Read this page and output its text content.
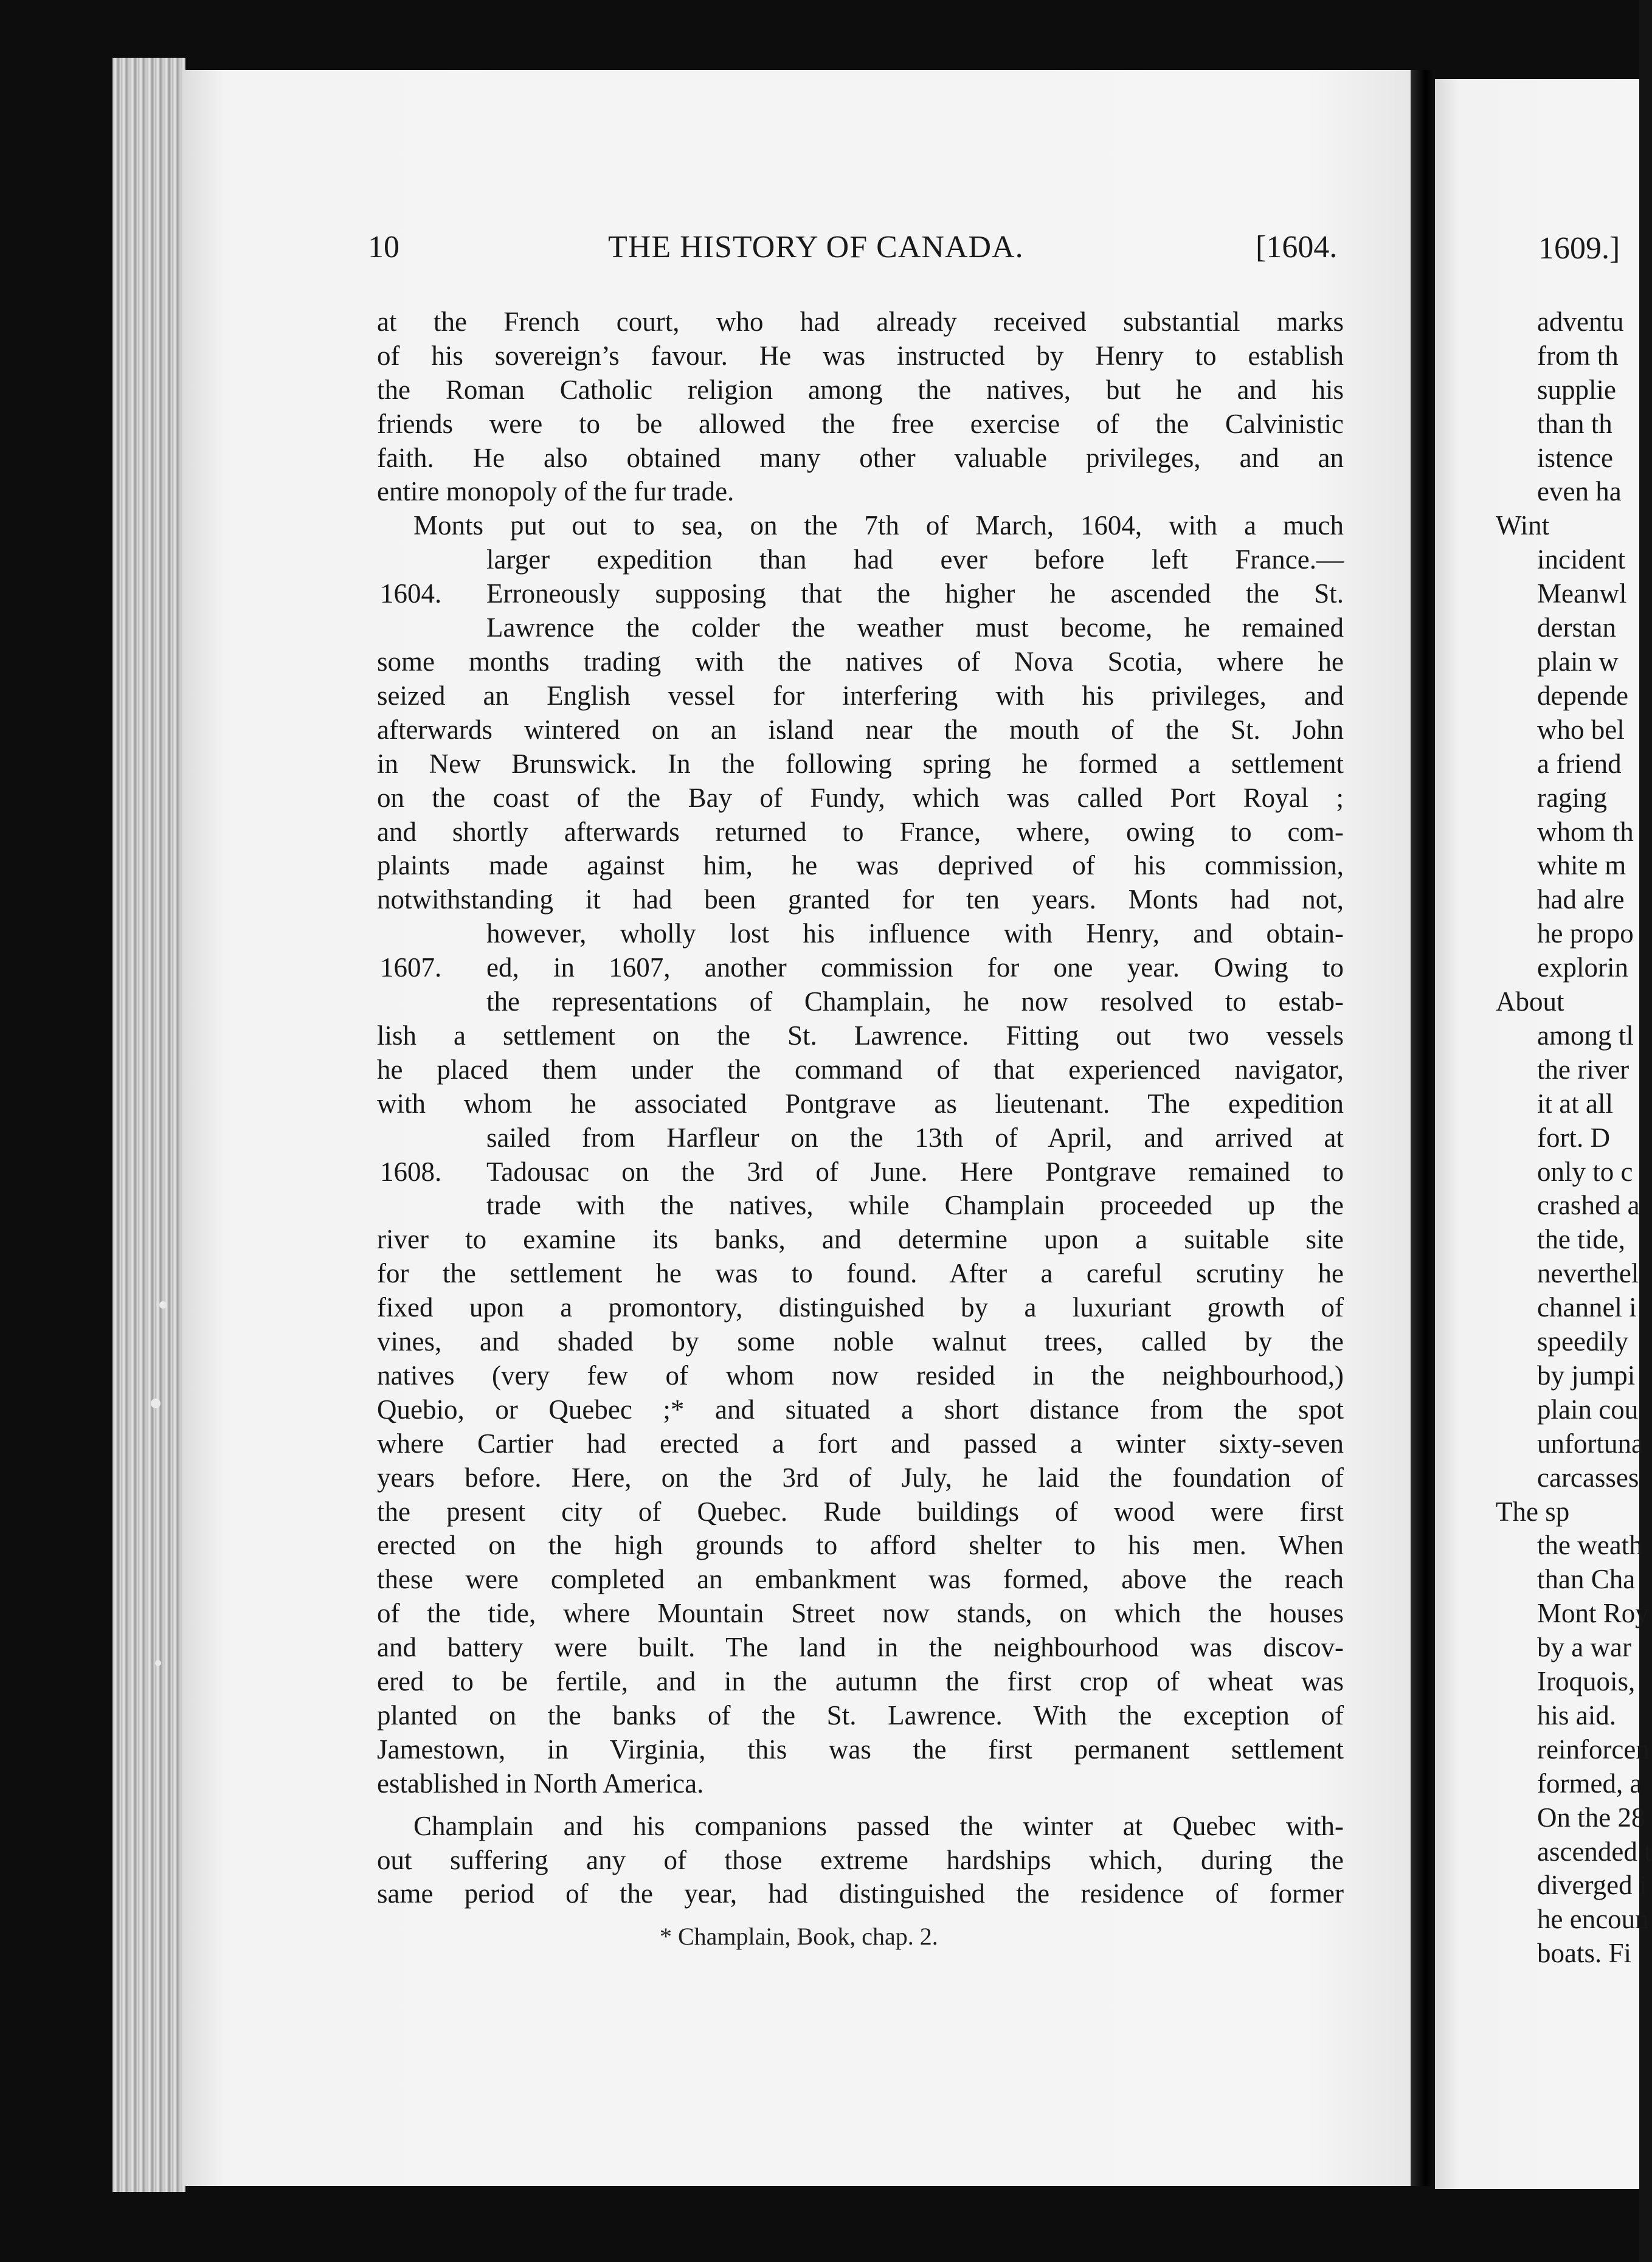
10	THE HISTORY OF CANADA.	[1604.
at the French court, who had already received substantial marks
of his sovereign’s favour. He was instructed by Henry to establish
the Roman Catholic religion among the natives, but he and his
friends were to be allowed the free exercise of the Calvinistic
faith. He also obtained many other valuable privileges, and an
entire monopoly of the fur trade.
Monts put out to sea, on the 7th of March, 1604, with a much
larger expedition than had ever before left France.—
Erroneously supposing that the higher he ascended the St.
1604.
Lawrence the colder the weather must become, he remained
some months trading with the natives of Nova Scotia, where he
seized an English vessel for interfering with his privileges, and
afterwards wintered on an island near the mouth of the St. John
in New Brunswick. In the following spring he formed a settlement
on the coast of the Bay of Fundy, which was called Port Royal ;
and shortly afterwards returned to France, where, owing to com-
plaints made against him, he was deprived of his commission,
notwithstanding it had been granted for ten years. Monts had not,
however, wholly lost his influence with Henry, and obtain-
ed, in 1607, another commission for one year. Owing to
1607.
the representations of Champlain, he now resolved to estab-
lish a settlement on the St. Lawrence. Fitting out two vessels
he placed them under the command of that experienced navigator,
with whom he associated Pontgrave as lieutenant. The expedition
sailed from Harfleur on the 13th of April, and arrived at
Tadousac on the 3rd of June. Here Pontgrave remained to
1608.
trade with the natives, while Champlain proceeded up the
river to examine its banks, and determine upon a suitable site
for the settlement he was to found. After a careful scrutiny he
fixed upon a promontory, distinguished by a luxuriant growth of
vines, and shaded by some noble walnut trees, called by the
natives (very few of whom now resided in the neighbourhood,)
Quebio, or Quebec ;* and situated a short distance from the spot
where Cartier had erected a fort and passed a winter sixty-seven
years before. Here, on the 3rd of July, he laid the foundation of
the present city of Quebec. Rude buildings of wood were first
erected on the high grounds to afford shelter to his men. When
these were completed an embankment was formed, above the reach
of the tide, where Mountain Street now stands, on which the houses
and battery were built. The land in the neighbourhood was discov-
ered to be fertile, and in the autumn the first crop of wheat was
planted on the banks of the St. Lawrence. With the exception of
Jamestown, in Virginia, this was the first permanent settlement
established in North America.
Champlain and his companions passed the winter at Quebec with-
out suffering any of those extreme hardships which, during the
same period of the year, had distinguished the residence of former
* Champlain, Book, chap. 2.
1609.]
adventu
from th
supplie
than th
istence
even ha
Wint
incident
Meanwl
derstan
plain w
depende
who bel
a friend
raging
whom th
white m
had alre
he propo
explorin
About
among tl
the river
it at all
fort. D
only to c
crashed a
the tide,
neverthel
channel i
speedily
by jumpi
plain cou
unfortuna
carcasses
The sp
the weath
than Cha
Mont Roy
by a war
Iroquois,
his aid.
reinforcen
formed, a
On the 28
ascended t
diverged i
he encoun
boats. Fi
